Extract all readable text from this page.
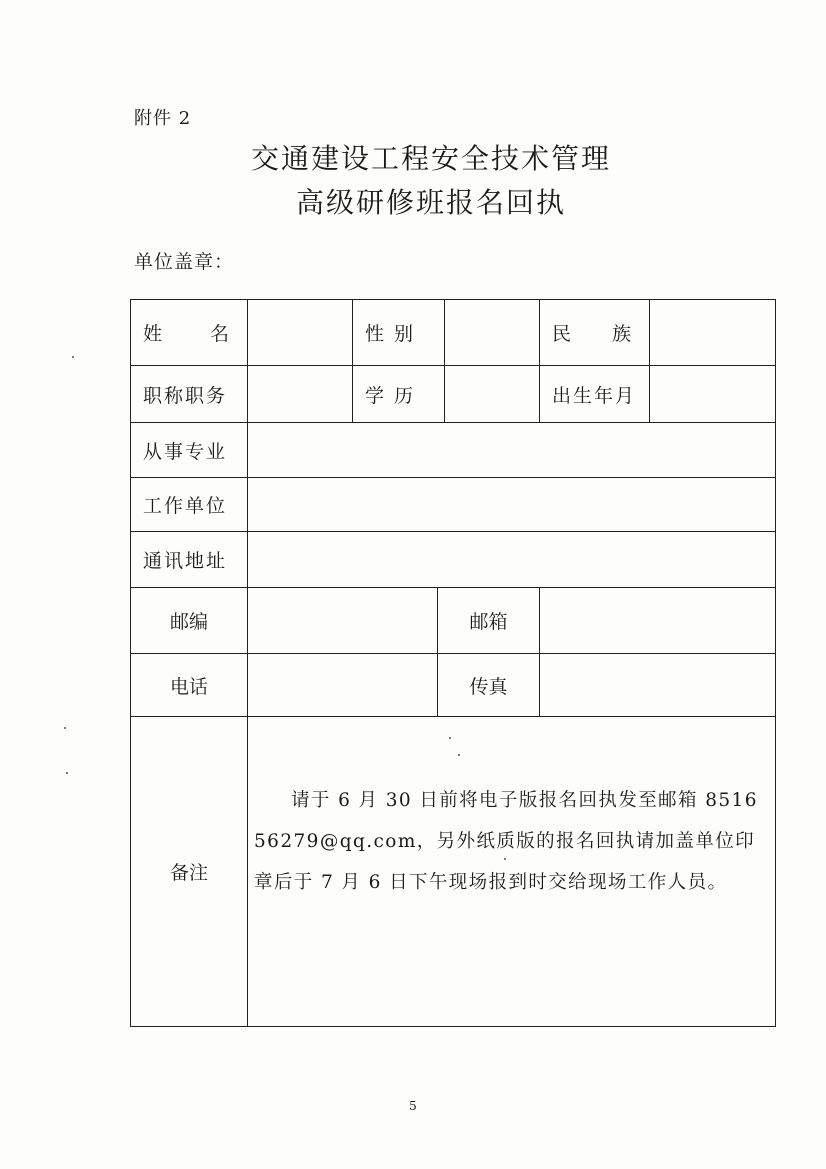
附件 2
交通建设工程安全技术管理
高级研修班报名回执
单位盖章：
姓 名		性 别			民 族	

职称职务		学 历			出生年月	
从事专业						
工作单位						
通讯地址						
邮编			邮箱			
电话			传真			
备注	请于 6 月 30 日前将电子版报名回执发至邮箱 851656279@qq.com，另外纸质版的报名回执请加盖单位印章后于 7 月 6 日下午现场报到时交给现场工作人员。					
5
